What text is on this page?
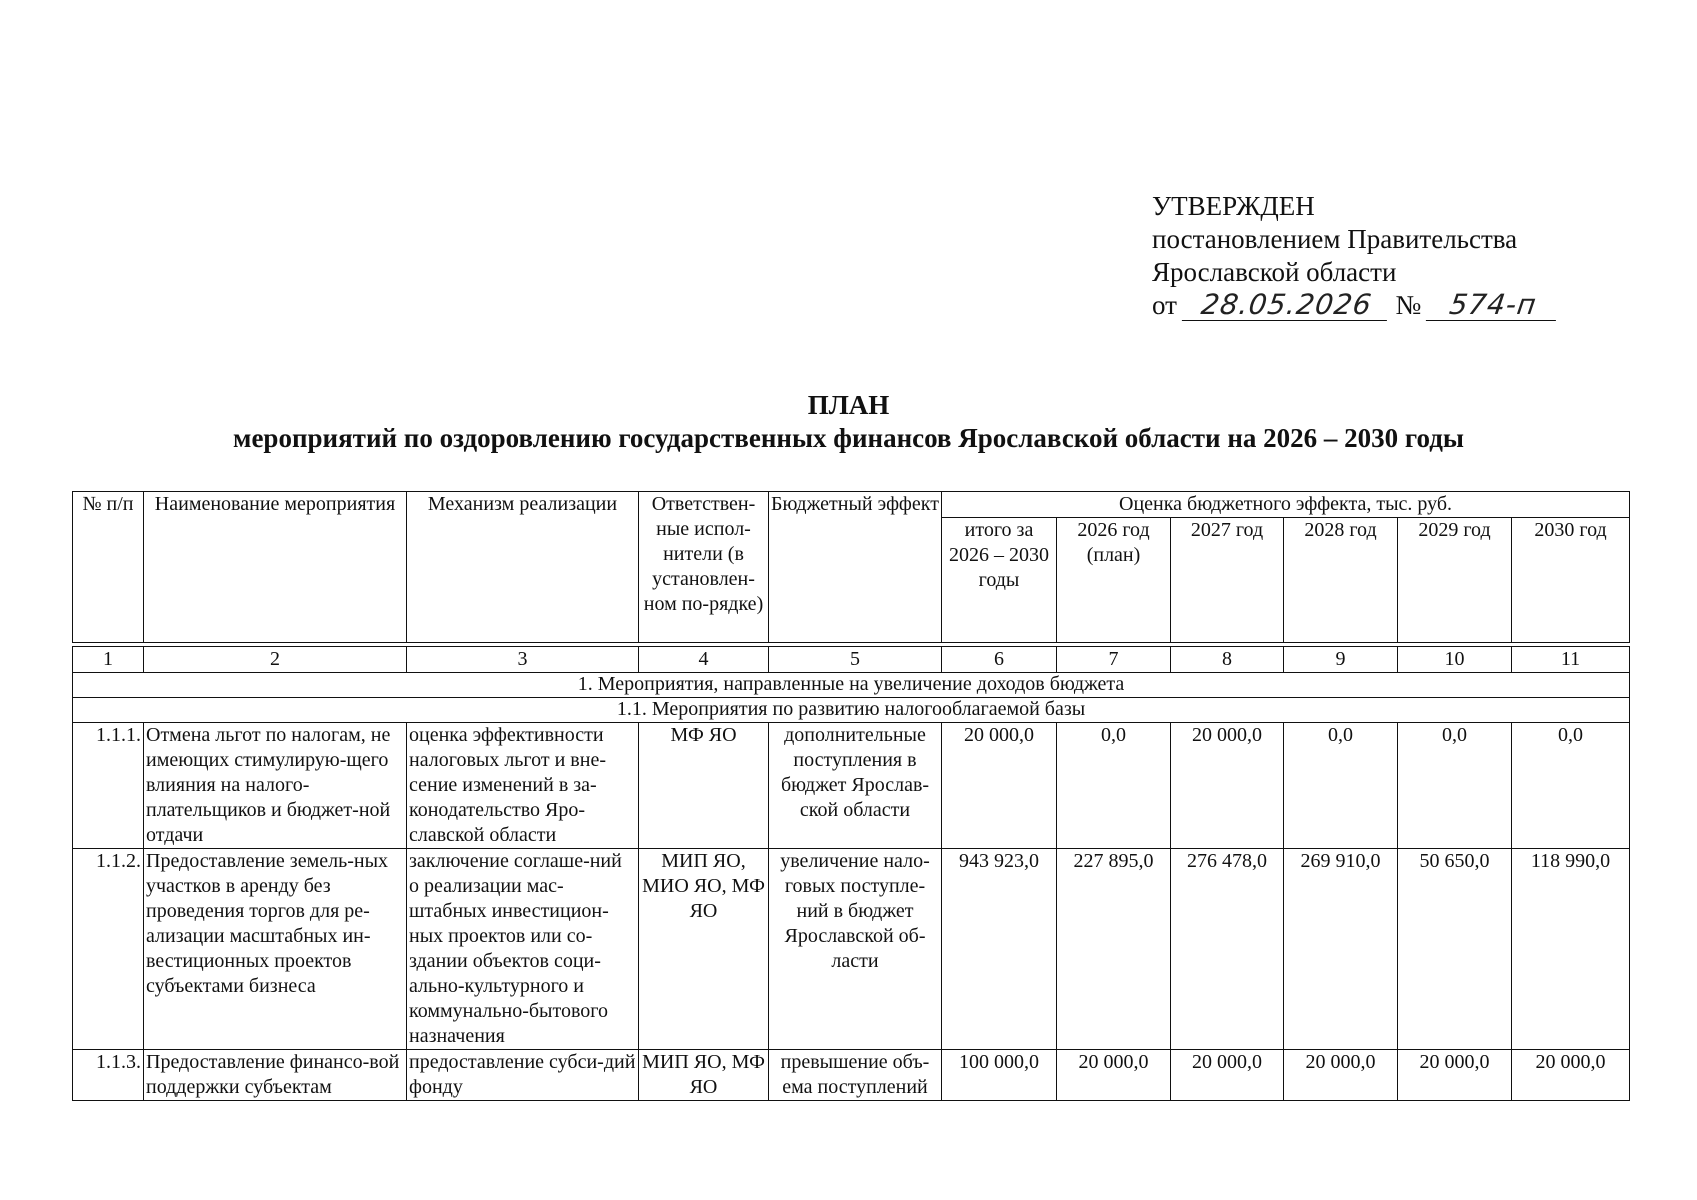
УТВЕРЖДЕН
постановлением Правительства
Ярославской области
от 28.05.2026 № 574-п
ПЛАН
мероприятий по оздоровлению государственных финансов Ярославской области на 2026 – 2030 годы
№ п/п	Наименование мероприятия	Механизм реализации	Ответствен-ные испол-нители (в установлен-ном по-рядке)	Бюджетный эффект	Оценка бюджетного эффекта, тыс. руб.					
					итого за 2026 – 2030 годы	2026 год (план)	2027 год	2028 год	2029 год	2030 год

1	2	3	4	5	6	7	8	9	10	11
1. Мероприятия, направленные на увеличение доходов бюджета										
1.1. Мероприятия по развитию налогооблагаемой базы										
1.1.1.	Отмена льгот по налогам, не имеющих стимулирую-щего влияния на налого-плательщиков и бюджет-ной отдачи	оценка эффективности налоговых льгот и вне-сение изменений в за-конодательство Яро-славской области	МФ ЯО	дополнительные поступления в бюджет Ярослав-ской области	20 000,0	0,0	20 000,0	0,0	0,0	0,0
1.1.2.	Предоставление земель-ных участков в аренду без проведения торгов для ре-ализации масштабных ин-вестиционных проектов субъектами бизнеса	заключение соглаше-ний о реализации мас-штабных инвестицион-ных проектов или со-здании объектов соци-ально-культурного и коммунально-бытового назначения	МИП ЯО, МИО ЯО, МФ ЯО	увеличение нало-говых поступле-ний в бюджет Ярославской об-ласти	943 923,0	227 895,0	276 478,0	269 910,0	50 650,0	118 990,0
1.1.3.	Предоставление финансо-вой поддержки субъектам	предоставление субси-дий фонду	МИП ЯО, МФ ЯО	превышение объ-ема поступлений	100 000,0	20 000,0	20 000,0	20 000,0	20 000,0	20 000,0
